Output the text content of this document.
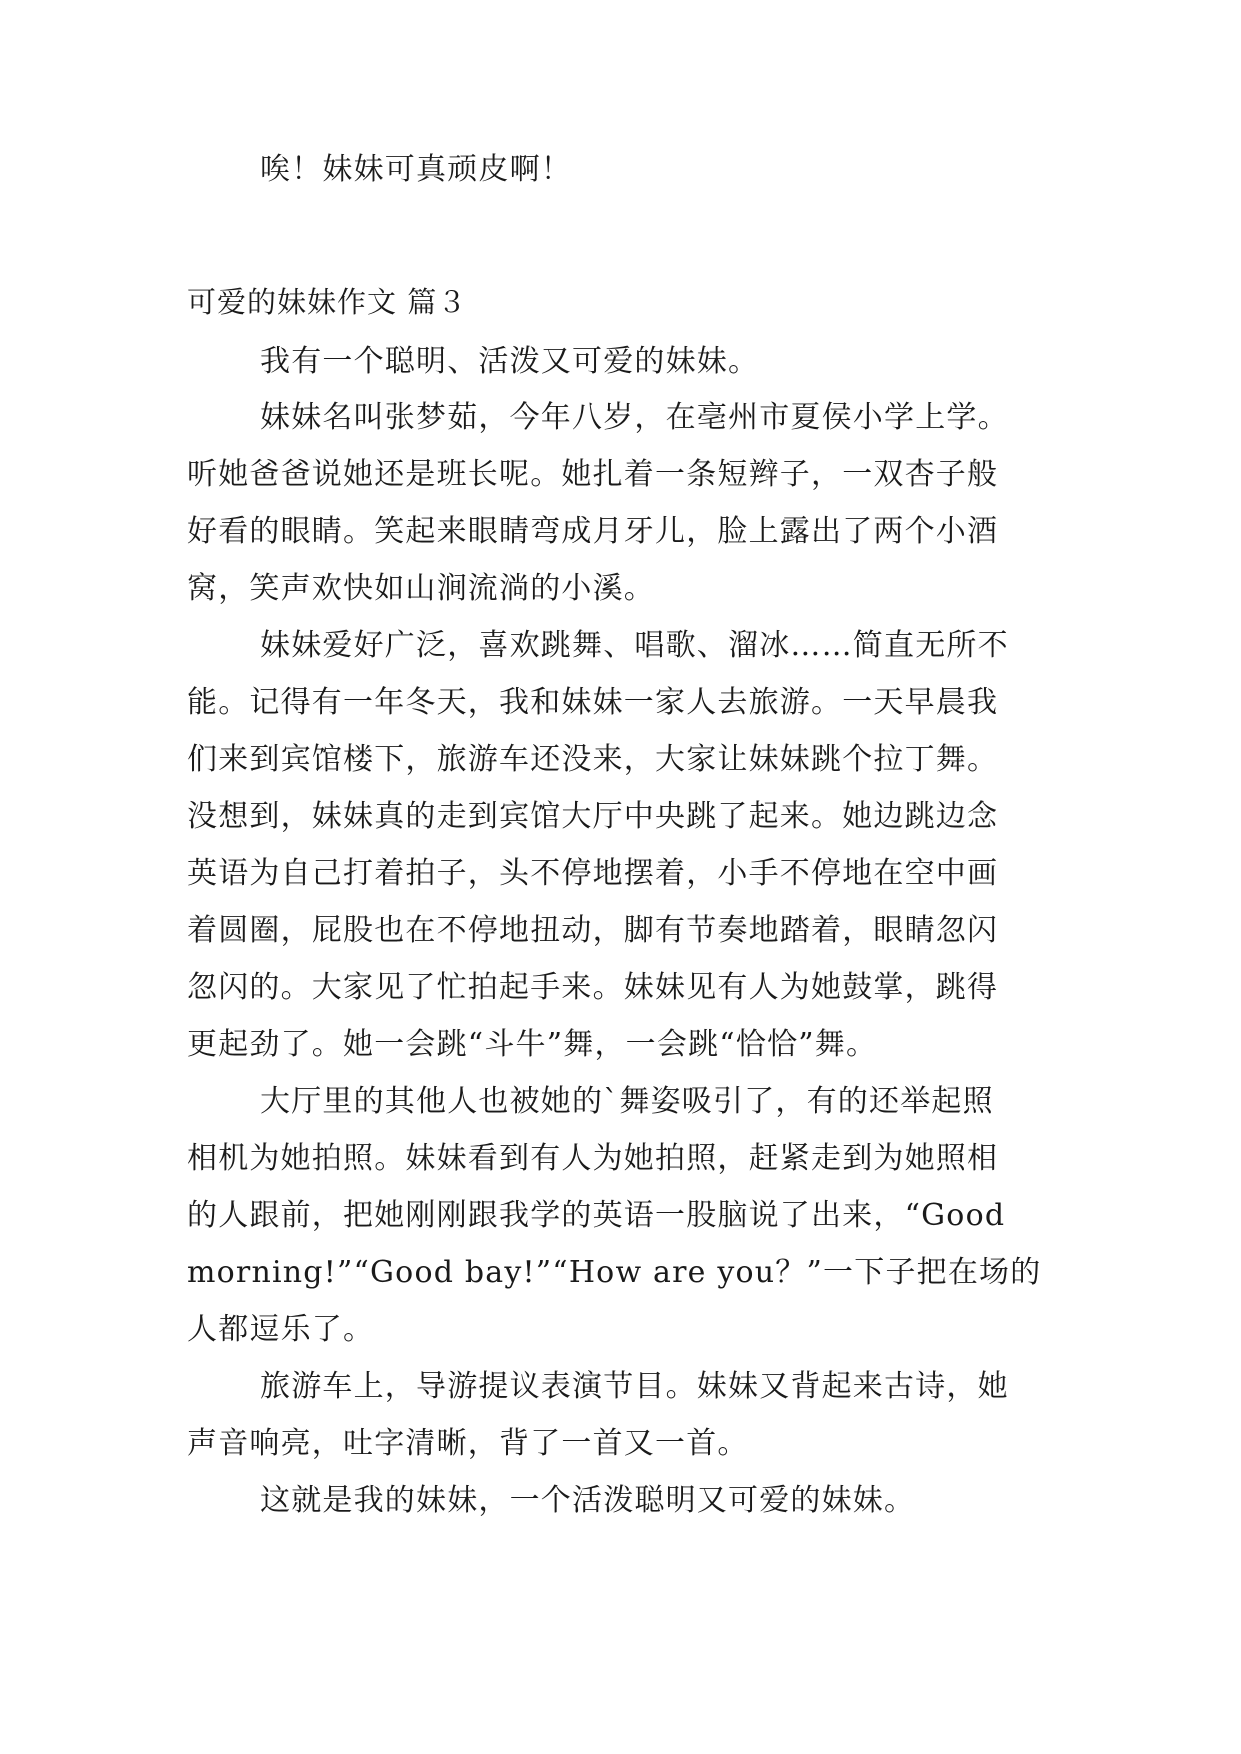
唉！妹妹可真顽皮啊！
可爱的妹妹作文 篇３
我有一个聪明、活泼又可爱的妹妹。
妹妹名叫张梦茹，今年八岁，在亳州市夏侯小学上学。
听她爸爸说她还是班长呢。她扎着一条短辫子，一双杏子般
好看的眼睛。笑起来眼睛弯成月牙儿，脸上露出了两个小酒
窝，笑声欢快如山涧流淌的小溪。
妹妹爱好广泛，喜欢跳舞、唱歌、溜冰……简直无所不
能。记得有一年冬天，我和妹妹一家人去旅游。一天早晨我
们来到宾馆楼下，旅游车还没来，大家让妹妹跳个拉丁舞。
没想到，妹妹真的走到宾馆大厅中央跳了起来。她边跳边念
英语为自己打着拍子，头不停地摆着，小手不停地在空中画
着圆圈，屁股也在不停地扭动，脚有节奏地踏着，眼睛忽闪
忽闪的。大家见了忙拍起手来。妹妹见有人为她鼓掌，跳得
更起劲了。她一会跳“斗牛”舞，一会跳“恰恰”舞。
大厅里的其他人也被她的`舞姿吸引了，有的还举起照
相机为她拍照。妹妹看到有人为她拍照，赶紧走到为她照相
的人跟前，把她刚刚跟我学的英语一股脑说了出来，“Good
morning!”“Good bay!”“How are you？”一下子把在场的
人都逗乐了。
旅游车上，导游提议表演节目。妹妹又背起来古诗，她
声音响亮，吐字清晰，背了一首又一首。
这就是我的妹妹，一个活泼聪明又可爱的妹妹。
